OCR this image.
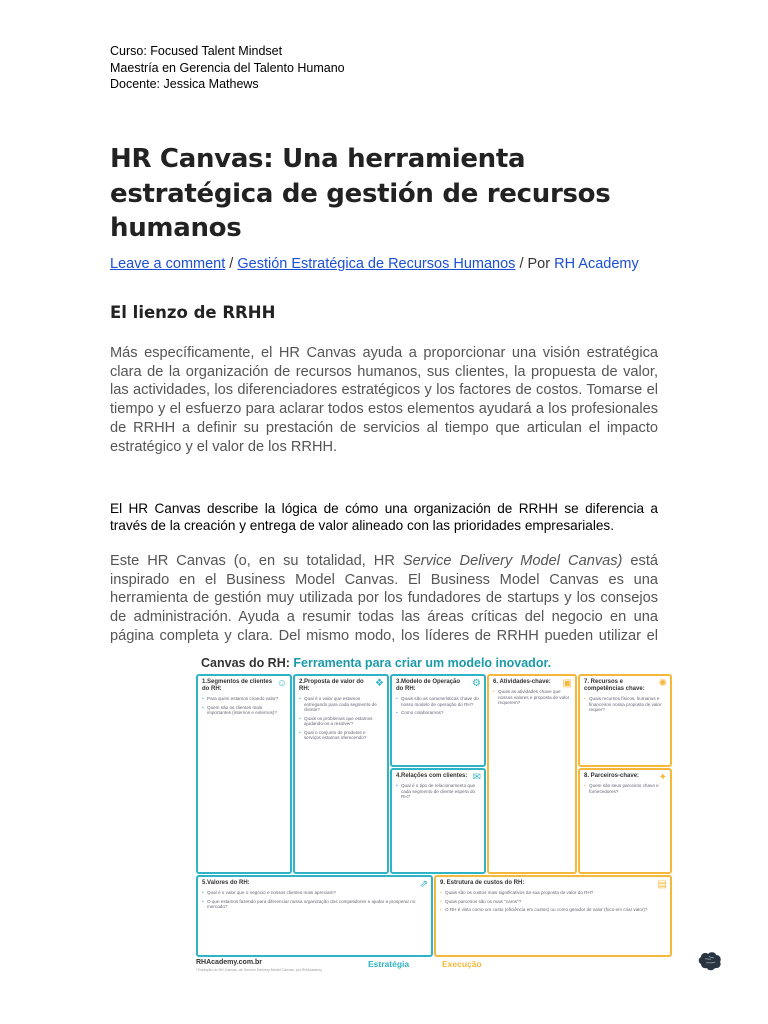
Curso: Focused Talent Mindset
Maestría en Gerencia del Talento Humano
Docente: Jessica Mathews
HR Canvas: Una herramienta estratégica de gestión de recursos humanos
Leave a comment / Gestión Estratégica de Recursos Humanos / Por RH Academy
El lienzo de RRHH

Más específicamente, el HR Canvas ayuda a proporcionar una visión estratégica clara de la organización de recursos humanos, sus clientes, la propuesta de valor, las actividades, los diferenciadores estratégicos y los factores de costos. Tomarse el tiempo y el esfuerzo para aclarar todos estos elementos ayudará a los profesionales de RRHH a definir su prestación de servicios al tiempo que articulan el impacto estratégico y el valor de los RRHH.

El HR Canvas describe la lógica de cómo una organización de RRHH se diferencia a través de la creación y entrega de valor alineado con las prioridades empresariales.

Este HR Canvas (o, en su totalidad, HR Service Delivery Model Canvas) está inspirado en el Business Model Canvas. El Business Model Canvas es una herramienta de gestión muy utilizada por los fundadores de startups y los consejos de administración. Ayuda a resumir todas las áreas críticas del negocio en una página completa y clara. Del mismo modo, los líderes de RRHH pueden utilizar el

Canvas do RH: Ferramenta para criar um modelo inovador.
☺
1.Segmentos de clientes do RH:
• Para quem estamos criando valor?
• Quem são os clientes mais importantes (internos e externos)?
❖
2.Proposta de valor do RH:
• Qual é o valor que estamos entregando para cada segmento de cliente?
• Quais os problemas que estamos ajudando-os a resolver?
• Qual o conjunto de produtos e serviços estamos oferecendo?
⚙
3.Modelo de Operação do RH:
• Quais são as características chave do nosso modelo de operação do RH?
• Como colaboramos?
✉
4.Relações com clientes:
• Qual é o tipo de relacionamento que cada segmento de cliente espera do RH?
▣
6. Atividades-chave:
• Quais as atividades chave que nossos valores e proposta de valor requerem?
✺
7. Recursos e competências chave:
• Quais recursos físicos, humanos e financeiros nossa proposta de valor requer?
✦
8. Parceiros-chave:
• Quem são seus parceiros chave e fornecedores?
⇗
5.Valores do RH:
• Qual é o valor que o negócio e nossos clientes mais apreciam?
• O que estamos fazendo para diferenciar nossa organização dos competidores e ajudar a prosperar no mercado?
▤
9. Estrutura de custos do RH:
• Quais são os custos mais significativos da sua proposta de valor do RH?
• Quais parceiros são os mais "caros"?
• O RH é visto como um custo (eficiência em custos) ou como gerador de valor (foco em criar valor)?
RHAcademy.com.br
*Tradução do RH Canvas, de Service Delivery Model Canvas, por RHAcademy
Estratégia	Execução
